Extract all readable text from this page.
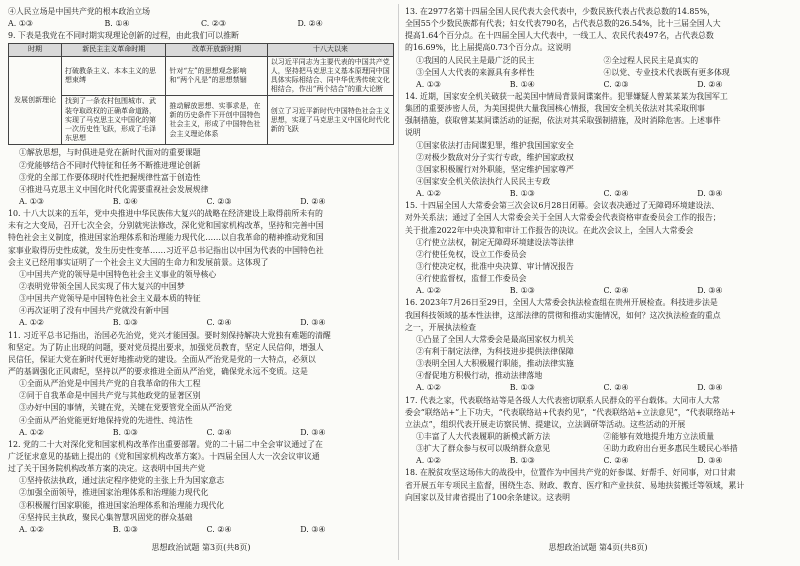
④人民立场是中国共产党的根本政治立场
A. ①③	B. ①④	C. ②③	D. ②④
9. 下表是我党在不同时期实现理论创新的过程，由此我们可以推断
时期	新民主主义革命时期	改革开放新时期	十八大以来
发展创新理论	打破教条主义、本本主义的思想束缚	针对“左”的思想观念影响和“两个凡是”的思想禁锢	以习近平同志为主要代表的中国共产党人，坚持把马克思主义基本原理同中国具体实际相结合、同中华优秀传统文化相结合，作出“两个结合”的重大论断
	找到了一条农村包围城市、武装夺取政权的正确革命道路，实现了马克思主义中国化的第一次历史性飞跃，形成了毛泽东思想	推动解放思想、实事求是，在新的历史条件下开创中国特色社会主义，形成了中国特色社会主义理论体系	创立了习近平新时代中国特色社会主义思想，实现了马克思主义中国化时代化新的飞跃
①解放思想，与时俱进是党在新时代面对的重要课题
②党能够结合不同时代特征和任务不断推进理论创新
③党的全部工作要体现时代性把握规律性富于创造性
④推进马克思主义中国化时代化需要重视社会发展规律
A. ①③	B. ①④	C. ②③	D. ②④
10. 十八大以来的五年，党中央推进中华民族伟大复兴的战略在经济建设上取得前所未有的
未有之大变局，召开七次全会，分别就宪法修改，深化党和国家机构改革，坚持和完善中国
特色社会主义制度，推进国家治理体系和治理能力现代化……以自我革命的精神推动党和国
家事业取得历史性成就，发生历史性变革……习近平总书记指出以中国为代表的中国特色社
会主义已经用事实证明了一个社会主义大国的生命力和发展前景。这体现了
①中国共产党的领导是中国特色社会主义事业的领导核心
②表明党带领全国人民实现了伟大复兴的中国梦
③中国共产党领导是中国特色社会主义最本质的特征
④再次证明了没有中国共产党就没有新中国
A. ①②	B. ①③	C. ②④	D. ③④
11. 习近平总书记指出，治国必先治党，党兴才能国强。要时刻保持解决大党独有难题的清醒
和坚定。为了防止出现的问题，要对党员提出要求，加强党员教育，坚定人民信仰，增强人
民信任，保证大党在新时代更好地推动党的建设。全面从严治党是党的一大特点，必须以
严的基调强化正风肃纪，坚持以严的要求推进全面从严治党，确保党永远不变质。这是
①全面从严治党是中国共产党的自我革命的伟大工程
②同于自我革命是中国共产党与其他政党的显著区别
③办好中国的事情，关键在党，关键在党要管党全面从严治党
④全面从严治党能更好地保持党的先进性、纯洁性
A. ①②	B. ①③	C. ②④	D. ③④
12. 党的二十大对深化党和国家机构改革作出重要部署。党的二十届二中全会审议通过了在
广泛征求意见的基础上提出的《党和国家机构改革方案》。十四届全国人大一次会议审议通
过了关于国务院机构改革方案的决定。这表明中国共产党
①坚持依法执政，通过法定程序使党的主张上升为国家意志
②加强全面领导，推进国家治理体系和治理能力现代化
③积极履行国家职能，推进国家治理体系和治理能力现代化
④坚持民主执政，聚民心集智慧巩固党的群众基础
A. ①②	B. ①③	C. ②④	D. ③④
思想政治试题 第3页(共8页)
13. 在2977名第十四届全国人民代表大会代表中，少数民族代表占代表总数的14.85%，
全国55个少数民族都有代表；妇女代表790名，占代表总数的26.54%，比十三届全国人大
提高1.64个百分点。在十四届全国人大代表中，一线工人、农民代表497名，占代表总数
的16.69%，比上届提高0.73个百分点。这说明
①我国的人民民主是最广泛的民主	②全过程人民民主是真实的
③全国人大代表的来源具有多样性	④以党、专业技术代表既有更多体现
A. ①③	B. ①④	C. ②③	D. ②④
14. 近期，国家安全机关破获一起美国中情局背景间谍案件。犯罪嫌疑人曾某某某为我国军工
集团的重要涉密人员，为美国提供大量我国核心情报，我国安全机关依法对其采取刑事
强制措施，获取曾某某间谍活动的证据，依法对其采取强制措施，及时消除危害。上述事件
说明
①国家依法打击间谍犯罪，维护我国国家安全
②对极少数敌对分子实行专政，维护国家政权
③国家积极履行对外职能，坚定维护国家尊严
④国家安全机关依法执行人民民主专政
A. ①②	B. ①③	C. ②④	D. ③④
15. 十四届全国人大常委会第三次会议6月28日闭幕。会议表决通过了无障碍环境建设法、
对外关系法；通过了全国人大常委会关于全国人大常委会代表资格审查委员会工作的报告；
关于批准2022年中央决算和审计工作报告的决议。在此次会议上，全国人大常委会
①行使立法权，制定无障碍环境建设法等法律
②行使任免权，设立工作委员会
③行使决定权，批准中央决算、审计情况报告
④行使监督权，监督工作委员会
A. ①②	B. ①③	C. ②④	D. ③④
16. 2023年7月26日至29日，全国人大常委会执法检查组在贵州开展检查。科技进步法是
我国科技领域的基本性法律，这部法律的贯彻和推动实施情况，如何？这次执法检查的重点
之一，开展执法检查
①凸显了全国人大常委会是最高国家权力机关
②有利于制定法律，为科技进步提供法律保障
③表明全国人大积极履行职能，推动法律实施
④督促地方积极行动，推动法律落地
A. ①②	B. ①③	C. ②④	D. ③④
17. 代表之家，代表联络站等是各级人大代表密切联系人民群众的平台载体。大同市人大常
委会“联络站+”上下功夫，“代表联络站+代表约见”，“代表联络站+立法意见”，“代表联络站+
立法点”，组织代表开展走访察民情、提建议，立法调研等活动。这些活动的开展
①丰富了人大代表履职的新模式新方法	②能够有效地提升地方立法质量
③扩大了群众参与权可以吸纳群众意见	④助力政府出台更多惠民生暖民心举措
A. ①②	B. ①③	C. ②④	D. ③④
18. 在脱贫攻坚这场伟大的战役中，位置作为中国共产党的好参谋、好帮手、好同事，对口甘肃
省开展五年专项民主监督，围绕生态、财政、教育、医疗和产业扶贫、易地扶贫搬迁等领域，累计
向国家以及甘肃省提出了100余条建议。这表明
思想政治试题 第4页(共8页)
